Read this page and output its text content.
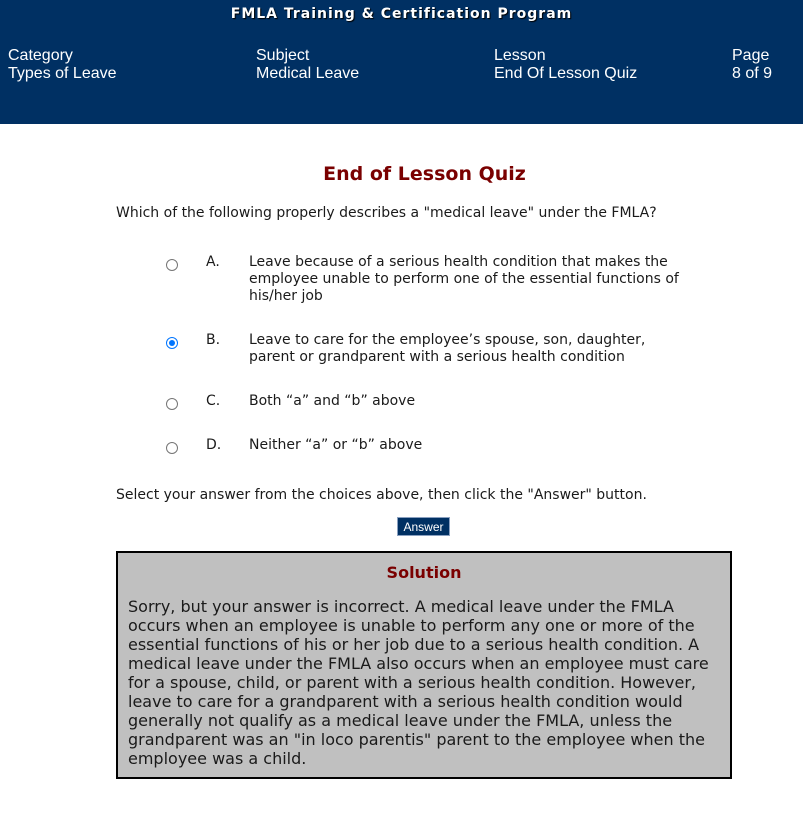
FMLA Training & Certification Program
Category
Types of Leave
Subject
Medical Leave
Lesson
End Of Lesson Quiz
Page
8 of 9
End of Lesson Quiz
Which of the following properly describes a "medical leave" under the FMLA?
A. Leave because of a serious health condition that makes the employee unable to perform one of the essential functions of his/her job
B. Leave to care for the employee’s spouse, son, daughter, parent or grandparent with a serious health condition
C. Both “a” and “b” above
D. Neither “a” or “b” above
Select your answer from the choices above, then click the "Answer" button.
Answer
Solution
Sorry, but your answer is incorrect. A medical leave under the FMLA occurs when an employee is unable to perform any one or more of the essential functions of his or her job due to a serious health condition. A medical leave under the FMLA also occurs when an employee must care for a spouse, child, or parent with a serious health condition. However, leave to care for a grandparent with a serious health condition would generally not qualify as a medical leave under the FMLA, unless the grandparent was an "in loco parentis" parent to the employee when the employee was a child.
